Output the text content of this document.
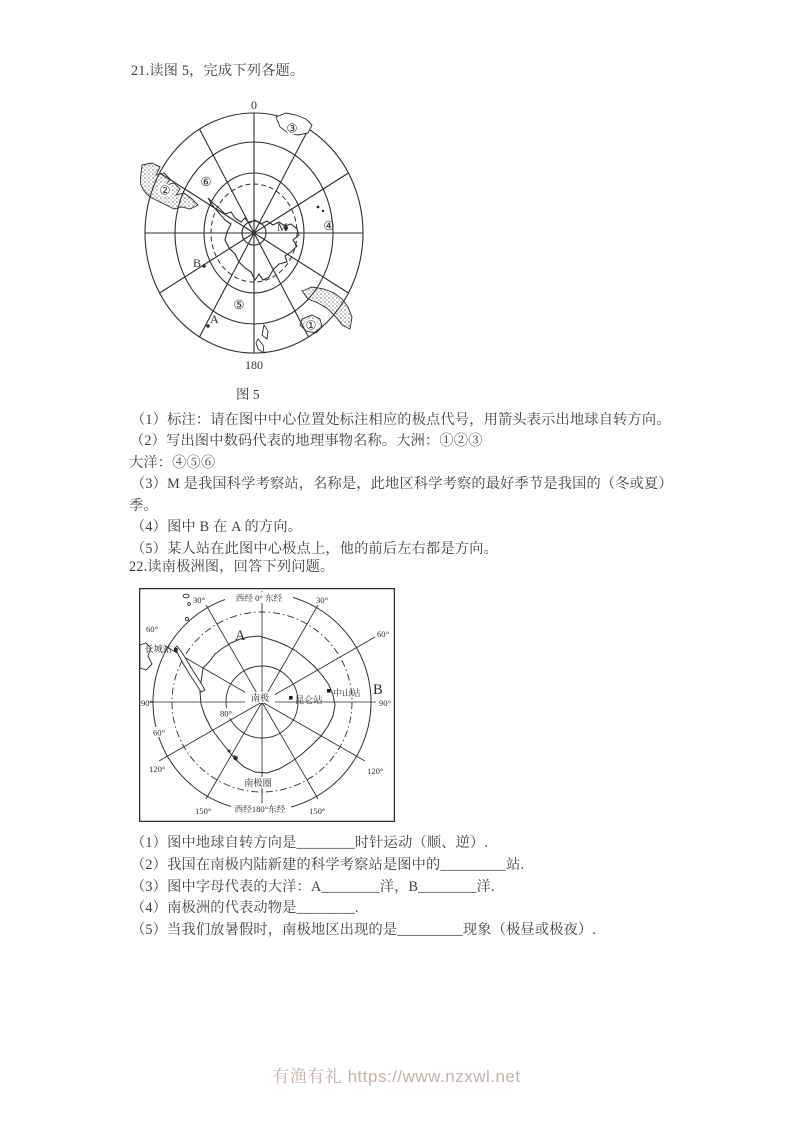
21.读图 5，完成下列各题。
0
180
③
②
⑥
④
⑤
①
M
B
A
图 5
（1）标注：请在图中中心位置处标注相应的极点代号，用箭头表示出地球自转方向。
（2）写出图中数码代表的地理事物名称。大洲：①②③
大洋：④⑤⑥
（3）M 是我国科学考察站，名称是，此地区科学考察的最好季节是我国的（冬或夏）
季。
（4）图中 B 在 A 的方向。
（5）某人站在此图中心极点上，他的前后左右都是方向。
22.读南极洲图，回答下列问题。
西经 0° 东经
30°	30°
60°	60°
90°	90°
120°	120°
150°	150°
西经180°东经
80°
60°
南极
南极圈
长城站
昆仑站
中山站
A
B
（1）图中地球自转方向是________时针运动（顺、逆）.
（2）我国在南极内陆新建的科学考察站是图中的_________站.
（3）图中字母代表的大洋：A________洋，B________洋.
（4）南极洲的代表动物是________.
（5）当我们放暑假时，南极地区出现的是_________现象（极昼或极夜）.
有渔有礼 https://www.nzxwl.net
